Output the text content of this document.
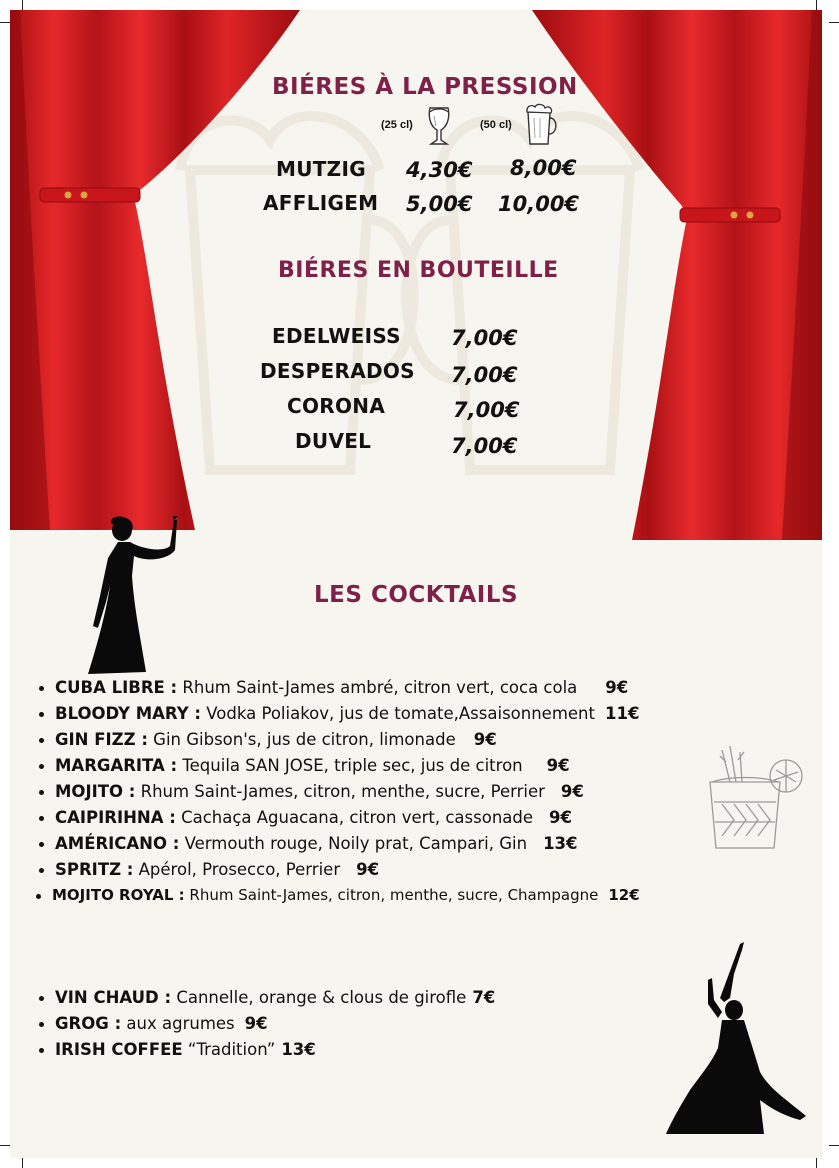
BIÉRES À LA PRESSION
(25 cl)	(50 cl)
MUTZIG 4,30€ 8,00€
AFFLIGEM 5,00€ 10,00€
BIÉRES EN BOUTEILLE
EDELWEISS 7,00€
DESPERADOS 7,00€
CORONA	7,00€
DUVEL	7,00€
LES COCKTAILS
CUBA LIBRE : Rhum Saint-James ambré, citron vert, coca cola 9€
BLOODY MARY : Vodka Poliakov, jus de tomate,Assaisonnement 11€
GIN FIZZ : Gin Gibson's, jus de citron, limonade 9€
MARGARITA : Tequila SAN JOSE, triple sec, jus de citron 9€
MOJITO : Rhum Saint-James, citron, menthe, sucre, Perrier 9€
CAIPIRIHNA : Cachaça Aguacana, citron vert, cassonade 9€
AMÉRICANO : Vermouth rouge, Noily prat, Campari, Gin 13€
SPRITZ : Apérol, Prosecco, Perrier 9€
MOJITO ROYAL : Rhum Saint-James, citron, menthe, sucre, Champagne 12€
VIN CHAUD : Cannelle, orange & clous de girofle 7€
GROG : aux agrumes 9€
IRISH COFFEE “Tradition” 13€
